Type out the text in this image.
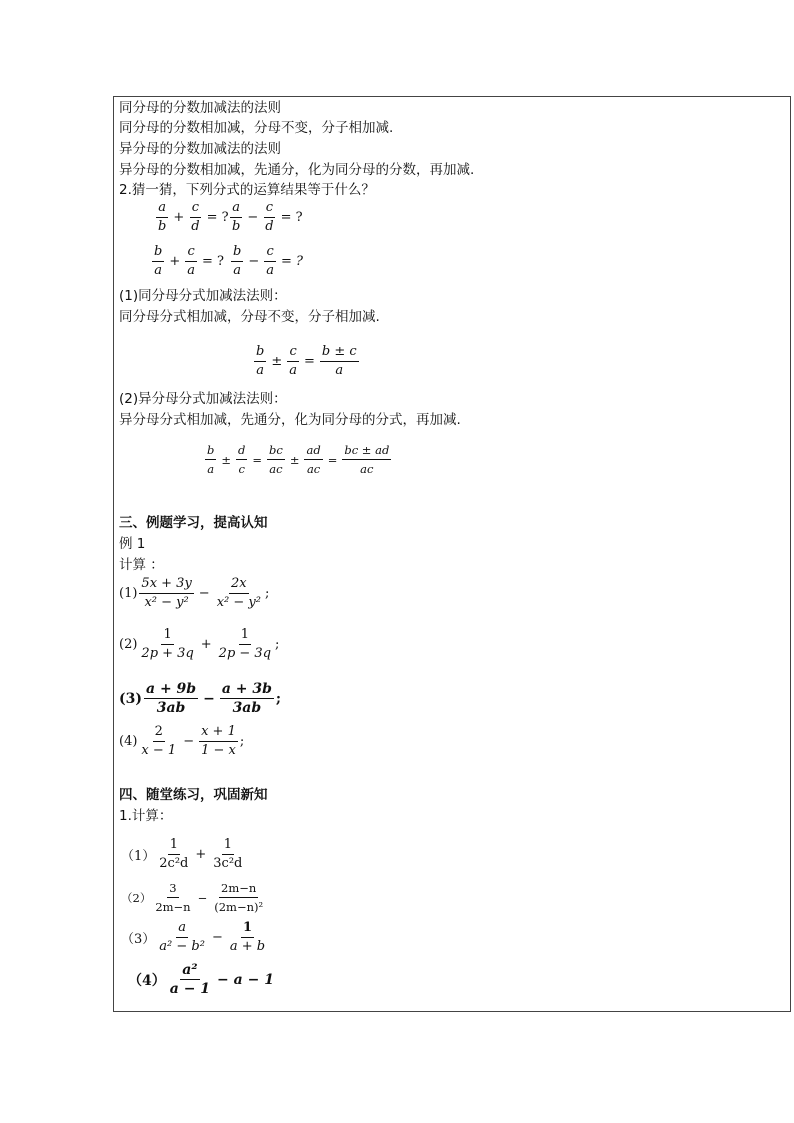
同分母的分数加减法的法则
同分母的分数相加减，分母不变，分子相加减.
异分母的分数加减法的法则
异分母的分数相加减，先通分，化为同分母的分数，再加减.
2.猜一猜，下列分式的运算结果等于什么？
$\frac{a}{b} + \frac{c}{d}$ = ? $\frac{a}{b} - \frac{c}{d}$ = ?
$\frac{b}{a} + \frac{c}{a}$ = ? $\frac{b}{a} - \frac{c}{a}$ = ?
(1)同分母分式加减法法则：
同分母分式相加减，分母不变，分子相加减.
$\frac{b}{a} \pm \frac{c}{a} = \frac{b \pm c}{a}$
(2)异分母分式加减法法则：
异分母分式相加减，先通分，化为同分母的分式，再加减.
$\frac{b}{a} \pm \frac{d}{c} = \frac{bc}{ac} \pm \frac{ad}{ac} = \frac{bc \pm ad}{ac}$
三、例题学习，提高认知
例 1
计算 ：
$(1) \frac{5x + 3y}{\text{x² − y²}} - \frac{2x}{\text{x² − y²}}$ ;
$(2) \frac{1}{2p + 3q} + \frac{1}{2p - 3q}$ ;
$(3) \frac{a + 9b}{3ab} - \frac{a + 3b}{3ab}$ ;
$(4) \frac{2}{x - 1} - \frac{x + 1}{1 - x}$ ;
四、随堂练习，巩固新知
1.计算：
$(1) \frac{1}{\text{2c²d}} + \frac{1}{\text{3c²d}}$
$(2) \frac{3}{2m-n} - \frac{2m-n}{\text{(2m−n)²}}$
$(3) \frac{a}{\text{a² − b²}} - \frac{1}{a + b}$
$(4) \frac{\text{a²}}{a - 1} - a - 1$
